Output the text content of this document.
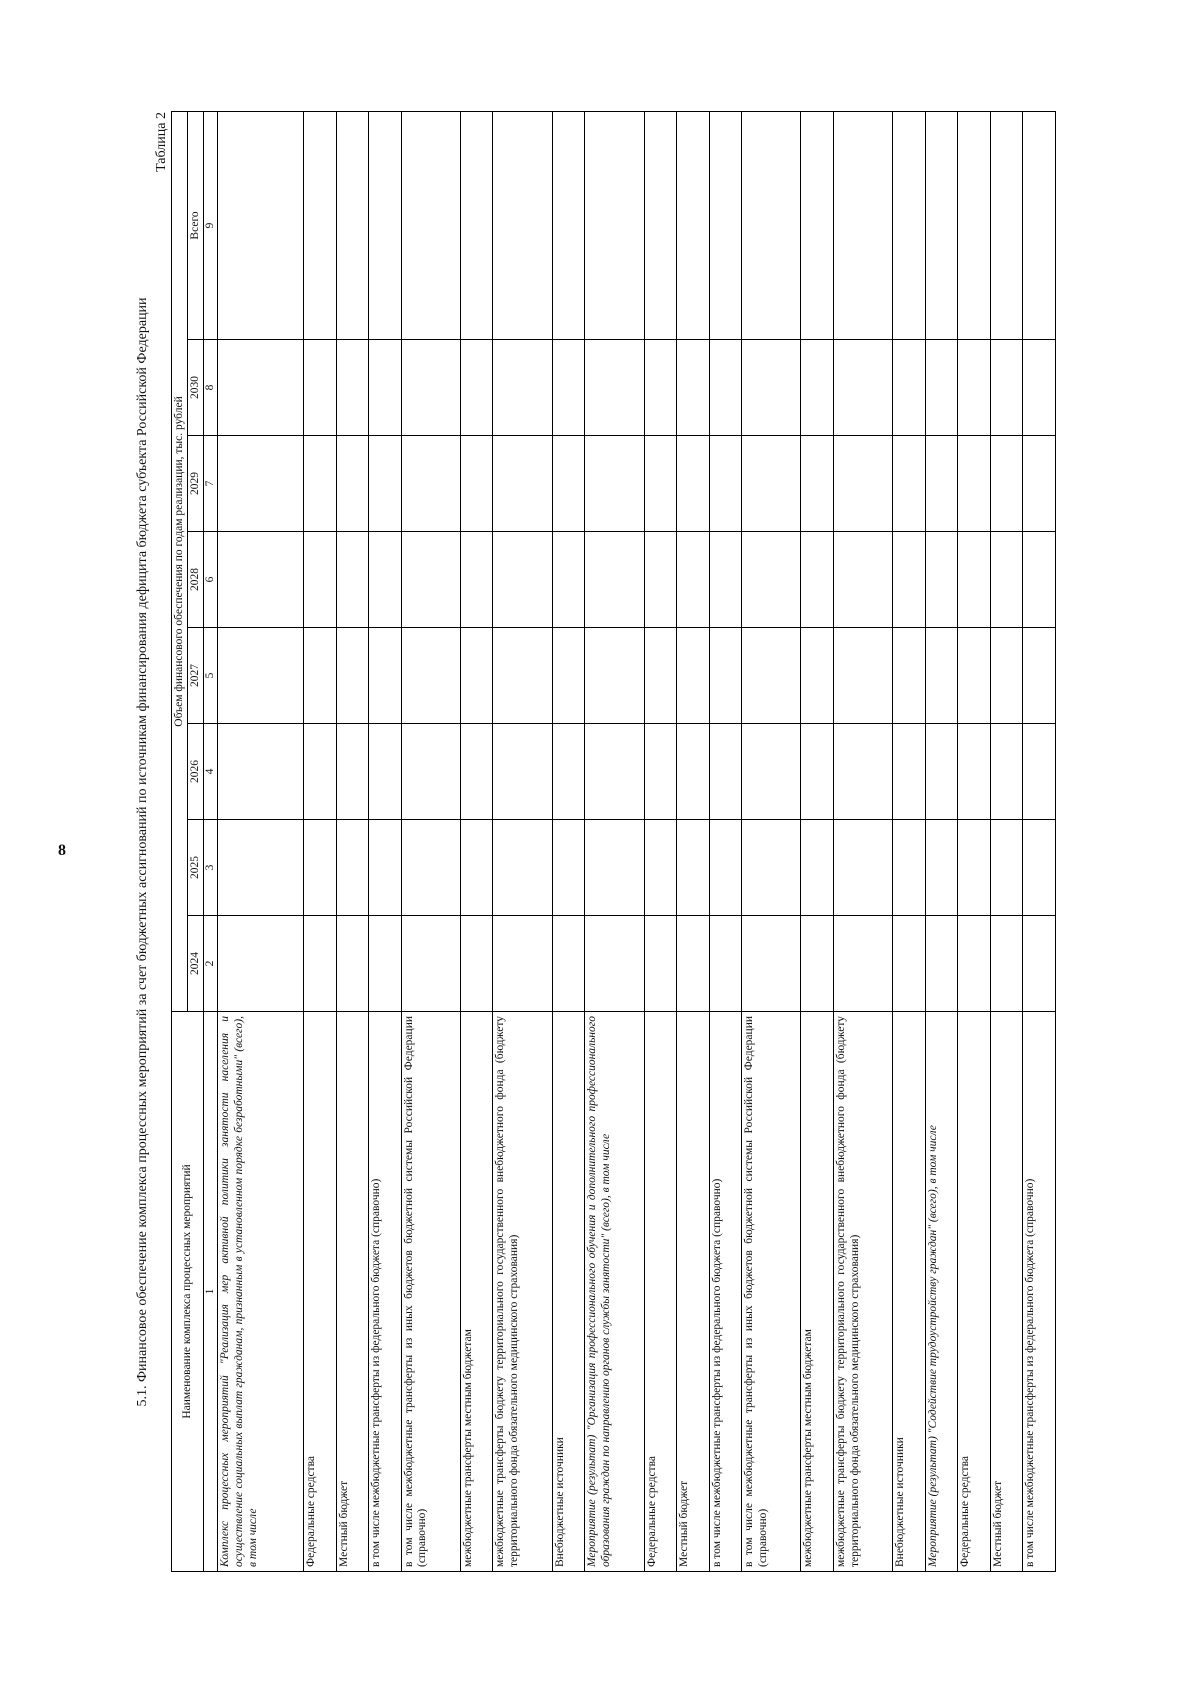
8	5.1. Финансовое обеспечение комплекса процессных мероприятий за счет бюджетных ассигнований по источникам финансирования дефицита бюджета субъекта Российской Федерации
Таблица 2
Наименование комплекса процессных мероприятий	Объем финансового обеспечения по годам реализации, тыс. рублей							
	2024	2025	2026	2027	2028	2029	2030	Всего
1	2	3	4	5	6	7	8	9
Комплекс процессных мероприятий "Реализация мер активной политики занятости населения и осуществление социальных выплат гражданам, признанным в установленном порядке безработными" (всего), в том числе								
Федеральные средства								
Местный бюджет								
в том числе межбюджетные трансферты из федерального бюджета (справочно)								
в том числе межбюджетные трансферты из иных бюджетов бюджетной системы Российской Федерации (справочно)								
межбюджетные трансферты местным бюджетам								
межбюджетные трансферты бюджету территориального государственного внебюджетного фонда (бюджету территориального фонда обязательного медицинского страхования)								
Внебюджетные источники								
Мероприятие (результат) "Организация профессионального обучения и дополнительного профессионального образования граждан по направлению органов службы занятости" (всего), в том числе								
Федеральные средства								
Местный бюджет								
в том числе межбюджетные трансферты из федерального бюджета (справочно)								
в том числе межбюджетные трансферты из иных бюджетов бюджетной системы Российской Федерации (справочно)								
межбюджетные трансферты местным бюджетам								
межбюджетные трансферты бюджету территориального государственного внебюджетного фонда (бюджету территориального фонда обязательного медицинского страхования)								
Внебюджетные источники								
Мероприятие (результат) "Содействие трудоустройству граждан" (всего), в том числе								
Федеральные средства								
Местный бюджет								
в том числе межбюджетные трансферты из федерального бюджета (справочно)								
